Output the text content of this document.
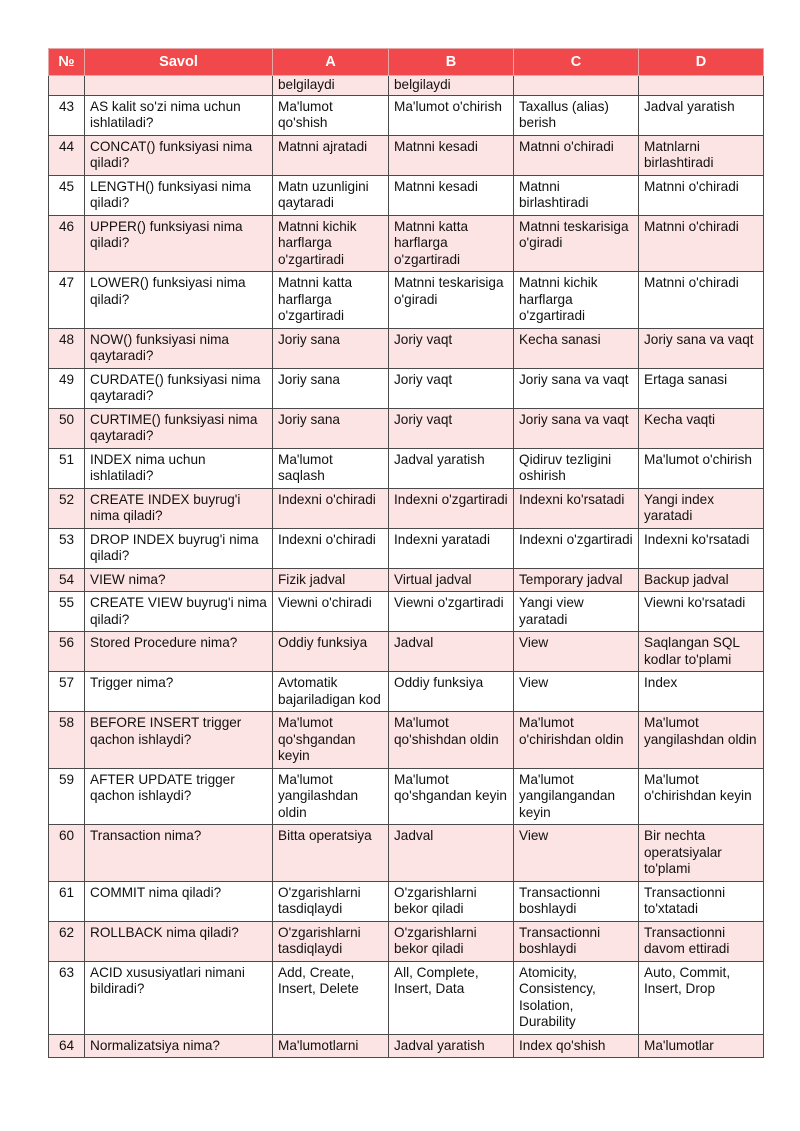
№	Savol	A	B	C	D
		belgilaydi	belgilaydi		
43	AS kalit so'zi nima uchun ishlatiladi?	Ma'lumot qo'shish	Ma'lumot o'chirish	Taxallus (alias) berish	Jadval yaratish
44	CONCAT() funksiyasi nima qiladi?	Matnni ajratadi	Matnni kesadi	Matnni o'chiradi	Matnlarni birlashtiradi
45	LENGTH() funksiyasi nima qiladi?	Matn uzunligini qaytaradi	Matnni kesadi	Matnni birlashtiradi	Matnni o'chiradi
46	UPPER() funksiyasi nima qiladi?	Matnni kichik harflarga o'zgartiradi	Matnni katta harflarga o'zgartiradi	Matnni teskarisiga o'giradi	Matnni o'chiradi
47	LOWER() funksiyasi nima qiladi?	Matnni katta harflarga o'zgartiradi	Matnni teskarisiga o'giradi	Matnni kichik harflarga o'zgartiradi	Matnni o'chiradi
48	NOW() funksiyasi nima qaytaradi?	Joriy sana	Joriy vaqt	Kecha sanasi	Joriy sana va vaqt
49	CURDATE() funksiyasi nima qaytaradi?	Joriy sana	Joriy vaqt	Joriy sana va vaqt	Ertaga sanasi
50	CURTIME() funksiyasi nima qaytaradi?	Joriy sana	Joriy vaqt	Joriy sana va vaqt	Kecha vaqti
51	INDEX nima uchun ishlatiladi?	Ma'lumot saqlash	Jadval yaratish	Qidiruv tezligini oshirish	Ma'lumot o'chirish
52	CREATE INDEX buyrug'i nima qiladi?	Indexni o'chiradi	Indexni o'zgartiradi	Indexni ko'rsatadi	Yangi index yaratadi
53	DROP INDEX buyrug'i nima qiladi?	Indexni o'chiradi	Indexni yaratadi	Indexni o'zgartiradi	Indexni ko'rsatadi
54	VIEW nima?	Fizik jadval	Virtual jadval	Temporary jadval	Backup jadval
55	CREATE VIEW buyrug'i nima qiladi?	Viewni o'chiradi	Viewni o'zgartiradi	Yangi view yaratadi	Viewni ko'rsatadi
56	Stored Procedure nima?	Oddiy funksiya	Jadval	View	Saqlangan SQL kodlar to'plami
57	Trigger nima?	Avtomatik bajariladigan kod	Oddiy funksiya	View	Index
58	BEFORE INSERT trigger qachon ishlaydi?	Ma'lumot qo'shgandan keyin	Ma'lumot qo'shishdan oldin	Ma'lumot o'chirishdan oldin	Ma'lumot yangilashdan oldin
59	AFTER UPDATE trigger qachon ishlaydi?	Ma'lumot yangilashdan oldin	Ma'lumot qo'shgandan keyin	Ma'lumot yangilangandan keyin	Ma'lumot o'chirishdan keyin
60	Transaction nima?	Bitta operatsiya	Jadval	View	Bir nechta operatsiyalar to'plami
61	COMMIT nima qiladi?	O'zgarishlarni tasdiqlaydi	O'zgarishlarni bekor qiladi	Transactionni boshlaydi	Transactionni to'xtatadi
62	ROLLBACK nima qiladi?	O'zgarishlarni tasdiqlaydi	O'zgarishlarni bekor qiladi	Transactionni boshlaydi	Transactionni davom ettiradi
63	ACID xususiyatlari nimani bildiradi?	Add, Create, Insert, Delete	All, Complete, Insert, Data	Atomicity, Consistency, Isolation, Durability	Auto, Commit, Insert, Drop
64	Normalizatsiya nima?	Ma'lumotlarni	Jadval yaratish	Index qo'shish	Ma'lumotlar
